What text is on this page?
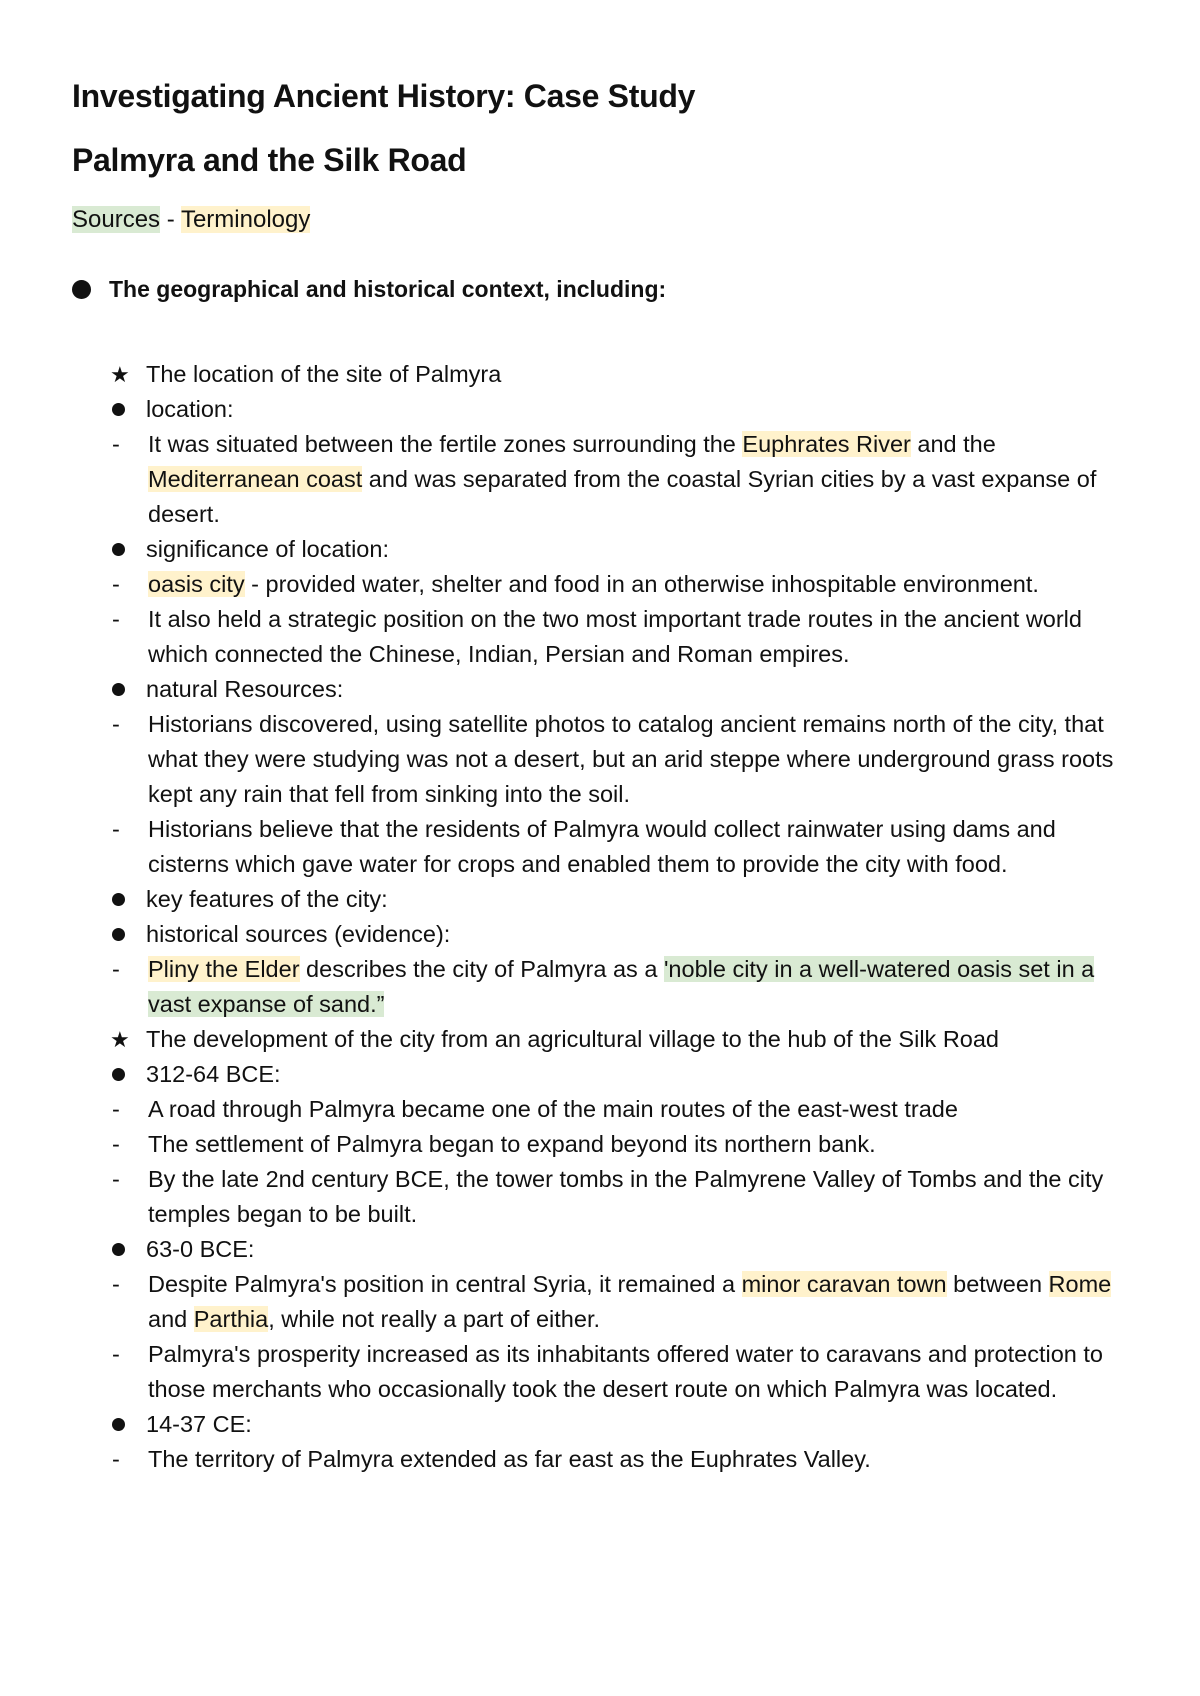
Investigating Ancient History: Case Study
Palmyra and the Silk Road
Sources - Terminology
The geographical and historical context, including:
★ The location of the site of Palmyra
location:
-	It was situated between the fertile zones surrounding the Euphrates River and the Mediterranean coast and was separated from the coastal Syrian cities by a vast expanse of desert.
significance of location:
-	oasis city - provided water, shelter and food in an otherwise inhospitable environment.
-	It also held a strategic position on the two most important trade routes in the ancient world which connected the Chinese, Indian, Persian and Roman empires.
natural Resources:
-	Historians discovered, using satellite photos to catalog ancient remains north of the city, that what they were studying was not a desert, but an arid steppe where underground grass roots kept any rain that fell from sinking into the soil.
-	Historians believe that the residents of Palmyra would collect rainwater using dams and cisterns which gave water for crops and enabled them to provide the city with food.
key features of the city:
historical sources (evidence):
-	Pliny the Elder describes the city of Palmyra as a 'noble city in a well-watered oasis set in a vast expanse of sand.”
★ The development of the city from an agricultural village to the hub of the Silk Road
312-64 BCE:
-	A road through Palmyra became one of the main routes of the east-west trade
-	The settlement of Palmyra began to expand beyond its northern bank.
-	By the late 2nd century BCE, the tower tombs in the Palmyrene Valley of Tombs and the city temples began to be built.
63-0 BCE:
-	Despite Palmyra's position in central Syria, it remained a minor caravan town between Rome and Parthia, while not really a part of either.
-	Palmyra's prosperity increased as its inhabitants offered water to caravans and protection to those merchants who occasionally took the desert route on which Palmyra was located.
14-37 CE:
-	The territory of Palmyra extended as far east as the Euphrates Valley.
